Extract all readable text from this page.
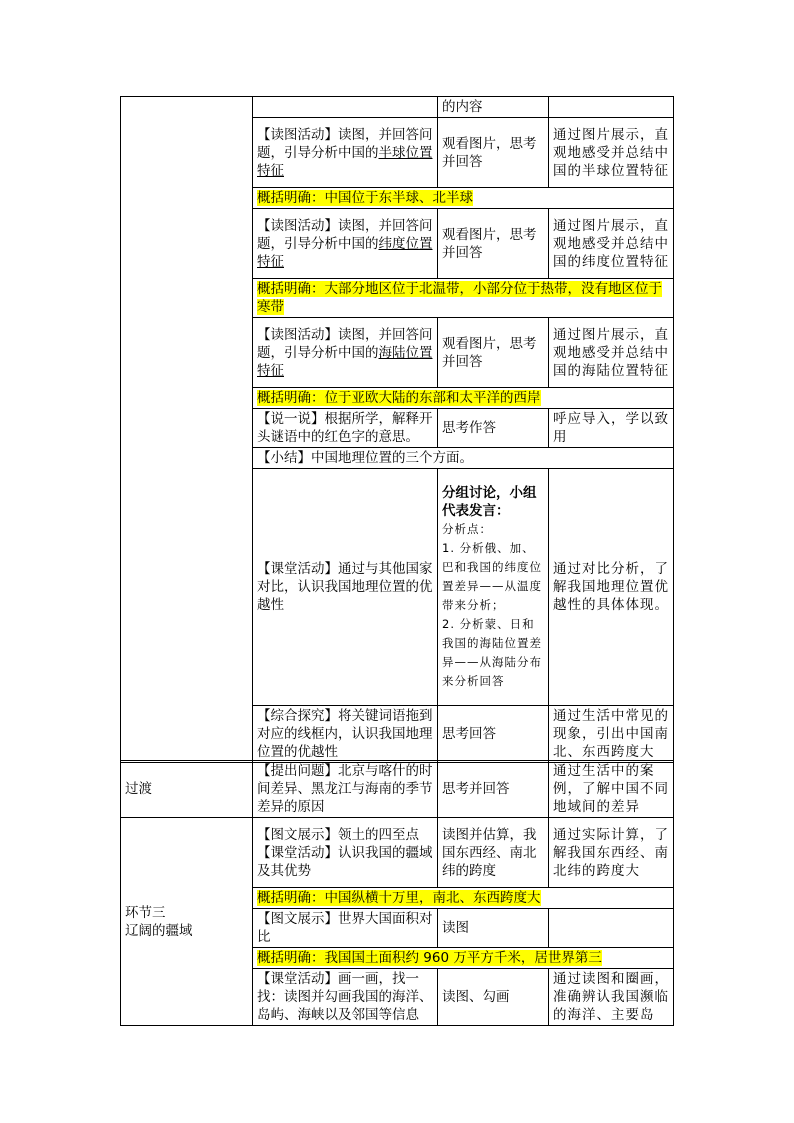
		的内容	
	【读图活动】读图，并回答问题，引导分析中国的半球位置特征	观看图片，思考并回答	通过图片展示，直观地感受并总结中国的半球位置特征
	概括明确：中国位于东半球、北半球		
	【读图活动】读图，并回答问题，引导分析中国的纬度位置特征	观看图片，思考并回答	通过图片展示，直观地感受并总结中国的纬度位置特征
	概括明确：大部分地区位于北温带，小部分位于热带，没有地区位于寒带		
	【读图活动】读图，并回答问题，引导分析中国的海陆位置特征	观看图片，思考并回答	通过图片展示，直观地感受并总结中国的海陆位置特征
	概括明确：位于亚欧大陆的东部和太平洋的西岸		
	【说一说】根据所学，解释开头谜语中的红色字的意思。	思考作答	呼应导入，学以致用
	【小结】中国地理位置的三个方面。		
	【课堂活动】通过与其他国家对比，认识我国地理位置的优越性	分组讨论，小组代表发言：
分析点：
1. 分析俄、加、巴和我国的纬度位置差异——从温度带来分析；
2. 分析蒙、日和我国的海陆位置差异——从海陆分布来分析回答	通过对比分析，了解我国地理位置优越性的具体体现。
	【综合探究】将关键词语拖到对应的线框内，认识我国地理位置的优越性	思考回答	通过生活中常见的现象，引出中国南北、东西跨度大
过渡	【提出问题】北京与喀什的时间差异、黑龙江与海南的季节差异的原因	思考并回答	通过生活中的案例，了解中国不同地域间的差异
环节三
辽阔的疆域	【图文展示】领土的四至点
【课堂活动】认识我国的疆域及其优势	读图并估算，我国东西经、南北纬的跨度	通过实际计算，了解我国东西经、南北纬的跨度大
	概括明确：中国纵横十万里，南北、东西跨度大		
	【图文展示】世界大国面积对比	读图	
	概括明确：我国国土面积约 960 万平方千米，居世界第三		
	【课堂活动】画一画，找一找：读图并勾画我国的海洋、岛屿、海峡以及邻国等信息	读图、勾画	通过读图和圈画，准确辨认我国濒临的海洋、主要岛
